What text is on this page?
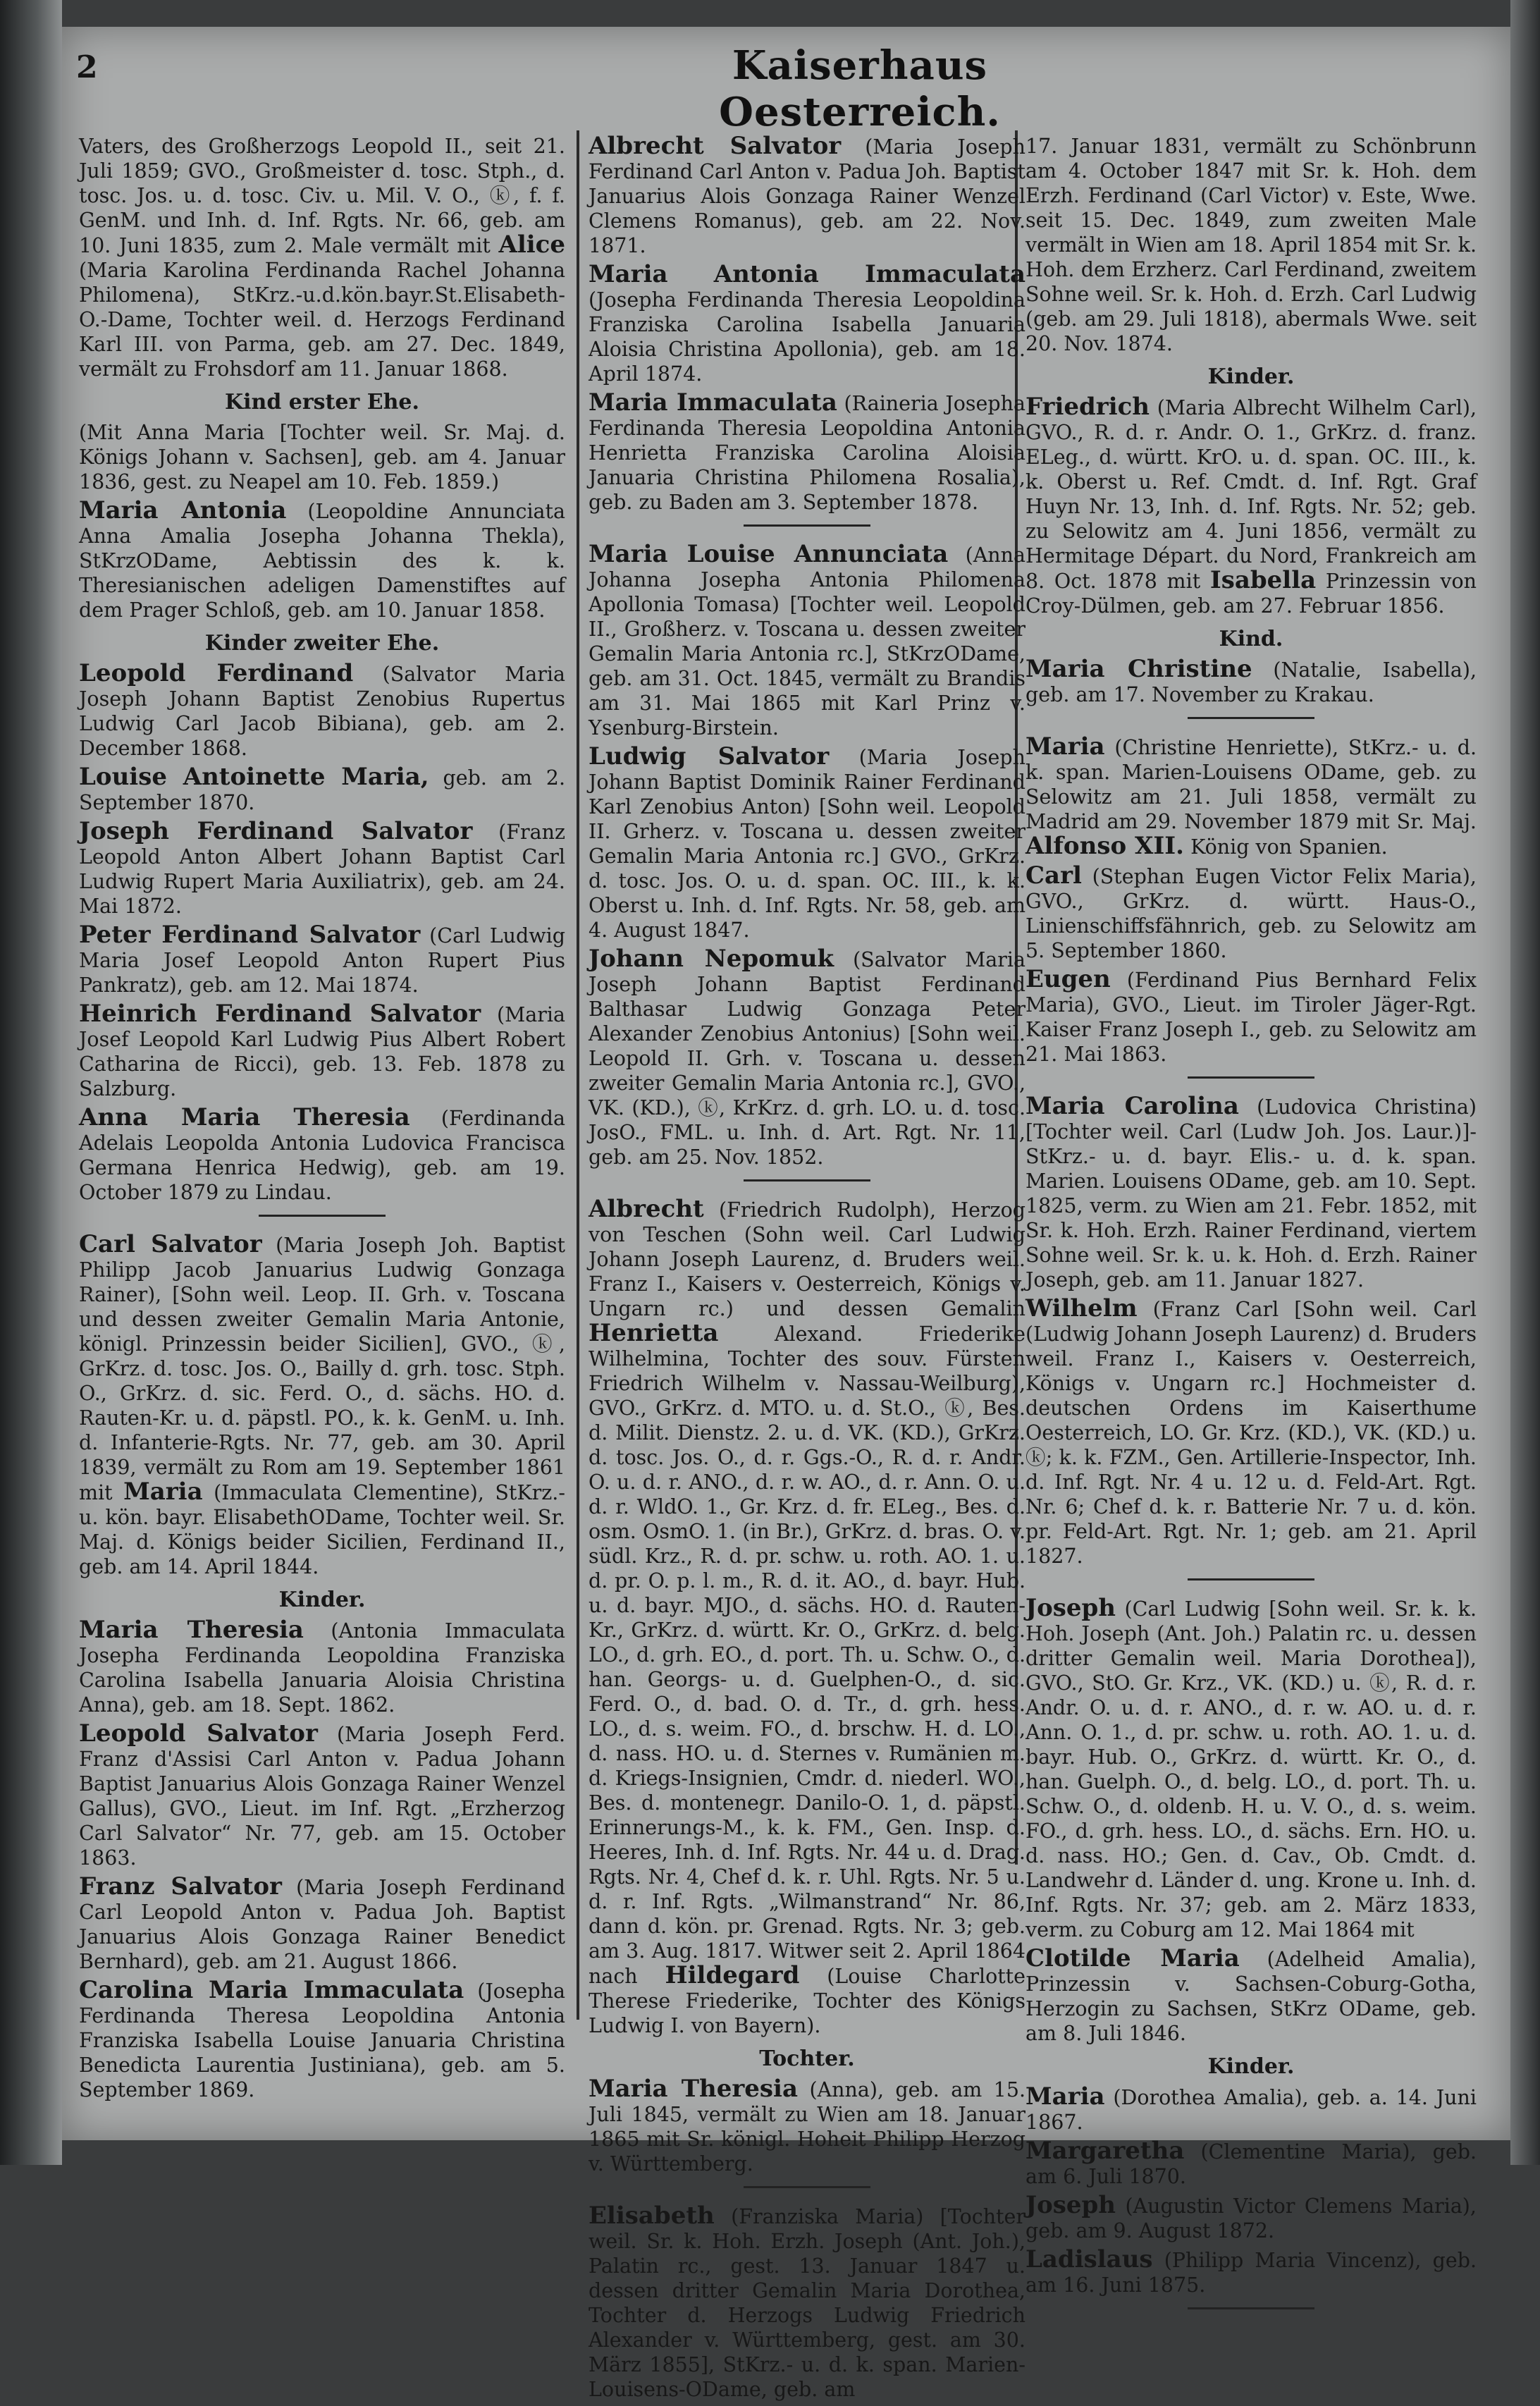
2	Kaiserhaus Oesterreich.
Vaters, des Großherzogs Leopold II., seit 21. Juli 1859; GVO., Großmeister d. tosc. Stph., d. tosc. Jos. u. d. tosc. Civ. u. Mil. V. O., ⓚ, f. f. GenM. und Inh. d. Inf. Rgts. Nr. 66, geb. am 10. Juni 1835, zum 2. Male vermält mit Alice (Maria Karolina Ferdinanda Rachel Johanna Philomena), StKrz.-u.d.kön.bayr.St.Elisabeth-O.-Dame, Tochter weil. d. Herzogs Ferdinand Karl III. von Parma, geb. am 27. Dec. 1849, vermält zu Frohsdorf am 11. Januar 1868.
Kind erster Ehe.
(Mit Anna Maria [Tochter weil. Sr. Maj. d. Königs Johann v. Sachsen], geb. am 4. Januar 1836, gest. zu Neapel am 10. Feb. 1859.)
Maria Antonia (Leopoldine Annunciata Anna Amalia Josepha Johanna Thekla), StKrzODame, Aebtissin des k. k. Theresianischen adeligen Damenstiftes auf dem Prager Schloß, geb. am 10. Januar 1858.
Kinder zweiter Ehe.
Leopold Ferdinand (Salvator Maria Joseph Johann Baptist Zenobius Rupertus Ludwig Carl Jacob Bibiana), geb. am 2. December 1868.
Louise Antoinette Maria, geb. am 2. September 1870.
Joseph Ferdinand Salvator (Franz Leopold Anton Albert Johann Baptist Carl Ludwig Rupert Maria Auxiliatrix), geb. am 24. Mai 1872.
Peter Ferdinand Salvator (Carl Ludwig Maria Josef Leopold Anton Rupert Pius Pankratz), geb. am 12. Mai 1874.
Heinrich Ferdinand Salvator (Maria Josef Leopold Karl Ludwig Pius Albert Robert Catharina de Ricci), geb. 13. Feb. 1878 zu Salzburg.
Anna Maria Theresia (Ferdinanda Adelais Leopolda Antonia Ludovica Francisca Germana Henrica Hedwig), geb. am 19. October 1879 zu Lindau.
Carl Salvator (Maria Joseph Joh. Baptist Philipp Jacob Januarius Ludwig Gonzaga Rainer), [Sohn weil. Leop. II. Grh. v. Toscana und dessen zweiter Gemalin Maria Antonie, königl. Prinzessin beider Sicilien], GVO., ⓚ, GrKrz. d. tosc. Jos. O., Bailly d. grh. tosc. Stph. O., GrKrz. d. sic. Ferd. O., d. sächs. HO. d. Rauten-Kr. u. d. päpstl. PO., k. k. GenM. u. Inh. d. Infanterie-Rgts. Nr. 77, geb. am 30. April 1839, vermält zu Rom am 19. September 1861 mit Maria (Immaculata Clementine), StKrz.-u. kön. bayr. ElisabethODame, Tochter weil. Sr. Maj. d. Königs beider Sicilien, Ferdinand II., geb. am 14. April 1844.
Kinder.
Maria Theresia (Antonia Immaculata Josepha Ferdinanda Leopoldina Franziska Carolina Isabella Januaria Aloisia Christina Anna), geb. am 18. Sept. 1862.
Leopold Salvator (Maria Joseph Ferd. Franz d'Assisi Carl Anton v. Padua Johann Baptist Januarius Alois Gonzaga Rainer Wenzel Gallus), GVO., Lieut. im Inf. Rgt. „Erzherzog Carl Salvator“ Nr. 77, geb. am 15. October 1863.
Franz Salvator (Maria Joseph Ferdinand Carl Leopold Anton v. Padua Joh. Baptist Januarius Alois Gonzaga Rainer Benedict Bernhard), geb. am 21. August 1866.
Carolina Maria Immaculata (Josepha Ferdinanda Theresa Leopoldina Antonia Franziska Isabella Louise Januaria Christina Benedicta Laurentia Justiniana), geb. am 5. September 1869.
Albrecht Salvator (Maria Joseph Ferdinand Carl Anton v. Padua Joh. Baptist Januarius Alois Gonzaga Rainer Wenzel Clemens Romanus), geb. am 22. Nov. 1871.
Maria Antonia Immaculata (Josepha Ferdinanda Theresia Leopoldina Franziska Carolina Isabella Januaria Aloisia Christina Apollonia), geb. am 18. April 1874.
Maria Immaculata (Raineria Josepha Ferdinanda Theresia Leopoldina Antonia Henrietta Franziska Carolina Aloisia Januaria Christina Philomena Rosalia), geb. zu Baden am 3. September 1878.
Maria Louise Annunciata (Anna Johanna Josepha Antonia Philomena Apollonia Tomasa) [Tochter weil. Leopold II., Großherz. v. Toscana u. dessen zweiter Gemalin Maria Antonia rc.], StKrzODame, geb. am 31. Oct. 1845, vermält zu Brandis am 31. Mai 1865 mit Karl Prinz v. Ysenburg-Birstein.
Ludwig Salvator (Maria Joseph Johann Baptist Dominik Rainer Ferdinand Karl Zenobius Anton) [Sohn weil. Leopold II. Grherz. v. Toscana u. dessen zweiter Gemalin Maria Antonia rc.] GVO., GrKrz. d. tosc. Jos. O. u. d. span. OC. III., k. k. Oberst u. Inh. d. Inf. Rgts. Nr. 58, geb. am 4. August 1847.
Johann Nepomuk (Salvator Maria Joseph Johann Baptist Ferdinand Balthasar Ludwig Gonzaga Peter Alexander Zenobius Antonius) [Sohn weil. Leopold II. Grh. v. Toscana u. dessen zweiter Gemalin Maria Antonia rc.], GVO., VK. (KD.), ⓚ, KrKrz. d. grh. LO. u. d. tosc. JosO., FML. u. Inh. d. Art. Rgt. Nr. 11, geb. am 25. Nov. 1852.
Albrecht (Friedrich Rudolph), Herzog von Teschen (Sohn weil. Carl Ludwig Johann Joseph Laurenz, d. Bruders weil. Franz I., Kaisers v. Oesterreich, Königs v. Ungarn rc.) und dessen Gemalin Henrietta	Alexand. Friederike Wilhelmina, Tochter des souv. Fürsten Friedrich Wilhelm v. Nassau-Weilburg), GVO., GrKrz. d. MTO. u. d. St.O., ⓚ, Bes. d. Milit. Dienstz. 2. u. d. VK. (KD.), GrKrz. d. tosc. Jos. O., d. r. Ggs.-O., R. d. r. Andr. O. u. d. r. ANO., d. r. w. AO., d. r. Ann. O. u. d. r. WldO. 1., Gr. Krz. d. fr. ELeg., Bes. d. osm. OsmO. 1. (in Br.), GrKrz. d. bras. O. v. südl. Krz., R. d. pr. schw. u. roth. AO. 1. u. d. pr. O. p. l. m., R. d. it. AO., d. bayr. Hub. u. d. bayr. MJO., d. sächs. HO. d. Rauten-Kr., GrKrz. d. württ. Kr. O., GrKrz. d. belg. LO., d. grh. EO., d. port. Th. u. Schw. O., d. han. Georgs- u. d. Guelphen-O., d. sic. Ferd. O., d. bad. O. d. Tr., d. grh. hess. LO., d. s. weim. FO., d. brschw. H. d. LO., d. nass. HO. u. d. Sternes v. Rumänien m. d. Kriegs-Insignien, Cmdr. d. niederl. WO., Bes. d. montenegr. Danilo-O. 1, d. päpstl. Erinnerungs-M., k. k. FM., Gen. Insp. d. Heeres, Inh. d. Inf. Rgts. Nr. 44 u. d. Drag. Rgts. Nr. 4, Chef d. k. r. Uhl. Rgts. Nr. 5 u. d. r. Inf. Rgts. „Wilmanstrand“ Nr. 86, dann d. kön. pr. Grenad. Rgts. Nr. 3; geb. am 3. Aug. 1817. Witwer seit 2. April 1864 nach Hildegard (Louise Charlotte Therese Friederike, Tochter des Königs Ludwig I. von Bayern).
Tochter.
Maria Theresia (Anna), geb. am 15. Juli 1845, vermält zu Wien am 18. Januar 1865 mit Sr. königl. Hoheit Philipp Herzog v. Württemberg.
Elisabeth (Franziska Maria) [Tochter weil. Sr. k. Hoh. Erzh. Joseph (Ant. Joh.), Palatin rc., gest. 13. Januar 1847 u. dessen dritter Gemalin Maria Dorothea, Tochter d. Herzogs Ludwig Friedrich Alexander v. Württemberg, gest. am 30. März 1855], StKrz.- u. d. k. span. Marien-Louisens-ODame, geb. am
17. Januar 1831, vermält zu Schönbrunn am 4. October 1847 mit Sr. k. Hoh. dem Erzh. Ferdinand (Carl Victor) v. Este, Wwe. seit 15. Dec. 1849, zum zweiten Male vermält in Wien am 18. April 1854 mit Sr. k. Hoh. dem Erzherz. Carl Ferdinand, zweitem Sohne weil. Sr. k. Hoh. d. Erzh. Carl Ludwig (geb. am 29. Juli 1818), abermals Wwe. seit 20. Nov. 1874.
Kinder.
Friedrich (Maria Albrecht Wilhelm Carl), GVO., R. d. r. Andr. O. 1., GrKrz. d. franz. ELeg., d. württ. KrO. u. d. span. OC. III., k. k. Oberst u. Ref. Cmdt. d. Inf. Rgt. Graf Huyn Nr. 13, Inh. d. Inf. Rgts. Nr. 52; geb. zu Selowitz am 4. Juni 1856, vermält zu Hermitage Départ. du Nord, Frankreich am 8. Oct. 1878 mit Isabella Prinzessin von Croy-Dülmen, geb. am 27. Februar 1856.
Kind.
Maria Christine (Natalie, Isabella), geb. am 17. November zu Krakau.
Maria (Christine Henriette), StKrz.- u. d. k. span. Marien-Louisens ODame, geb. zu Selowitz am 21. Juli 1858, vermält zu Madrid am 29. November 1879 mit Sr. Maj. Alfonso XII. König von Spanien.
Carl (Stephan Eugen Victor Felix Maria), GVO., GrKrz. d. württ. Haus-O., Linienschiffsfähnrich, geb. zu Selowitz am 5. September 1860.
Eugen (Ferdinand Pius Bernhard Felix Maria), GVO., Lieut. im Tiroler Jäger-Rgt. Kaiser Franz Joseph I., geb. zu Selowitz am 21. Mai 1863.
Maria Carolina (Ludovica Christina) [Tochter weil. Carl (Ludw Joh. Jos. Laur.)]-StKrz.- u. d. bayr. Elis.- u. d. k. span. Marien. Louisens ODame, geb. am 10. Sept. 1825, verm. zu Wien am 21. Febr. 1852, mit Sr. k. Hoh. Erzh. Rainer Ferdinand, viertem Sohne weil. Sr. k. u. k. Hoh. d. Erzh. Rainer Joseph, geb. am 11. Januar 1827.
Wilhelm (Franz Carl [Sohn weil. Carl (Ludwig Johann Joseph Laurenz) d. Bruders weil. Franz I., Kaisers v. Oesterreich, Königs v. Ungarn rc.] Hochmeister d. deutschen Ordens im Kaiserthume Oesterreich, LO. Gr. Krz. (KD.), VK. (KD.) u. ⓚ; k. k. FZM., Gen. Artillerie-Inspector, Inh. d. Inf. Rgt. Nr. 4 u. 12 u. d. Feld-Art. Rgt. Nr. 6; Chef d. k. r. Batterie Nr. 7 u. d. kön. pr. Feld-Art. Rgt. Nr. 1; geb. am 21. April 1827.
Joseph (Carl Ludwig [Sohn weil. Sr. k. k. Hoh. Joseph (Ant. Joh.) Palatin rc. u. dessen dritter Gemalin weil. Maria Dorothea]), GVO., StO. Gr. Krz., VK. (KD.) u. ⓚ, R. d. r. Andr. O. u. d. r. ANO., d. r. w. AO. u. d. r. Ann. O. 1., d. pr. schw. u. roth. AO. 1. u. d. bayr. Hub. O., GrKrz. d. württ. Kr. O., d. han. Guelph. O., d. belg. LO., d. port. Th. u. Schw. O., d. oldenb. H. u. V. O., d. s. weim. FO., d. grh. hess. LO., d. sächs. Ern. HO. u. d. nass. HO.; Gen. d. Cav., Ob. Cmdt. d. Landwehr d. Länder d. ung. Krone u. Inh. d. Inf. Rgts. Nr. 37; geb. am 2. März 1833, verm. zu Coburg am 12. Mai 1864 mit
Clotilde Maria (Adelheid Amalia), Prinzessin v. Sachsen-Coburg-Gotha, Herzogin zu Sachsen, StKrz ODame, geb. am 8. Juli 1846.
Kinder.
Maria (Dorothea Amalia), geb. a. 14. Juni 1867.
Margaretha (Clementine Maria), geb. am 6. Juli 1870.
Joseph (Augustin Victor Clemens Maria), geb. am 9. August 1872.
Ladislaus (Philipp Maria Vincenz), geb. am 16. Juni 1875.
